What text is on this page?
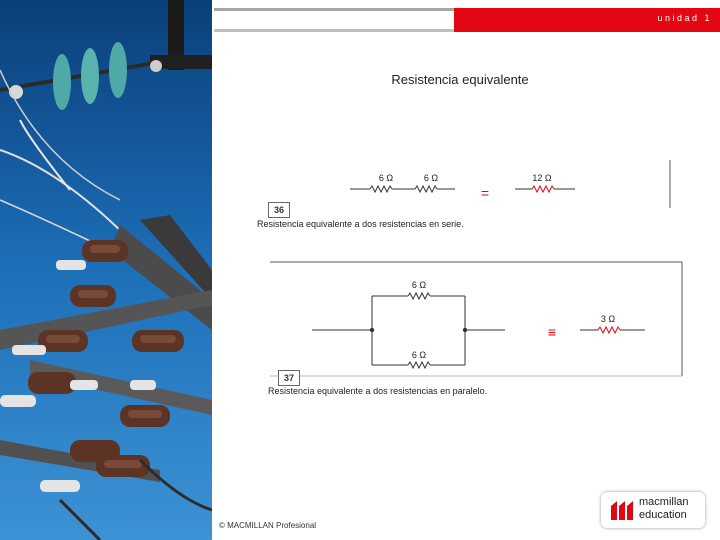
unidad 1
Resistencia equivalente
6 Ω	6 Ω
=
12 Ω
6 Ω
6 Ω
≡
3 Ω
36
Resistencia equivalente a dos resistencias en serie.
37
Resistencia equivalente a dos resistencias en paralelo.
© MACMILLAN Profesional
macmillan
education
